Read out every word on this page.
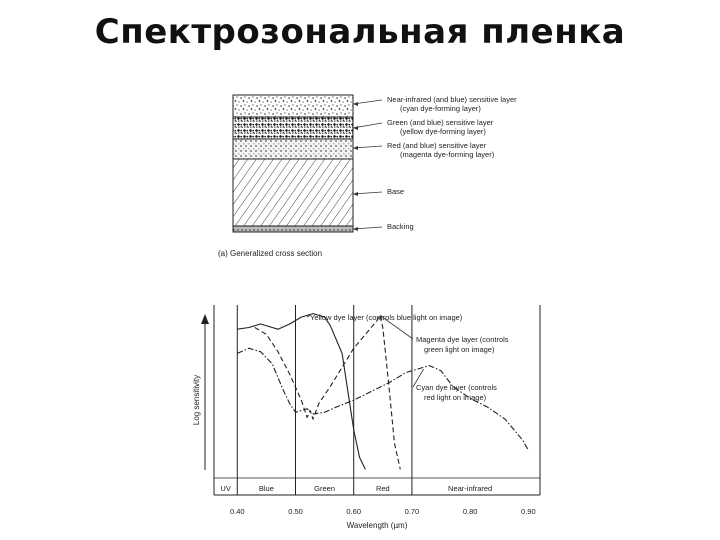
Спектрозональная пленка
Near-infrared (and blue) sensitive layer
(cyan dye-forming layer)
Green (and blue) sensitive layer
(yellow dye-forming layer)
Red (and blue) sensitive layer
(magenta dye-forming layer)
Base
Backing
(a) Generalized cross section
Log sensitivity
Wavelength (µm)
UV	Blue	Green	Red	Near-infrared
0.40	0.50	0.60	0.70	0.80	0.90
Yellow dye layer (controls blue light on image)
Magenta dye layer (controls
green light on image)
Cyan dye layer (controls
red light on image)
